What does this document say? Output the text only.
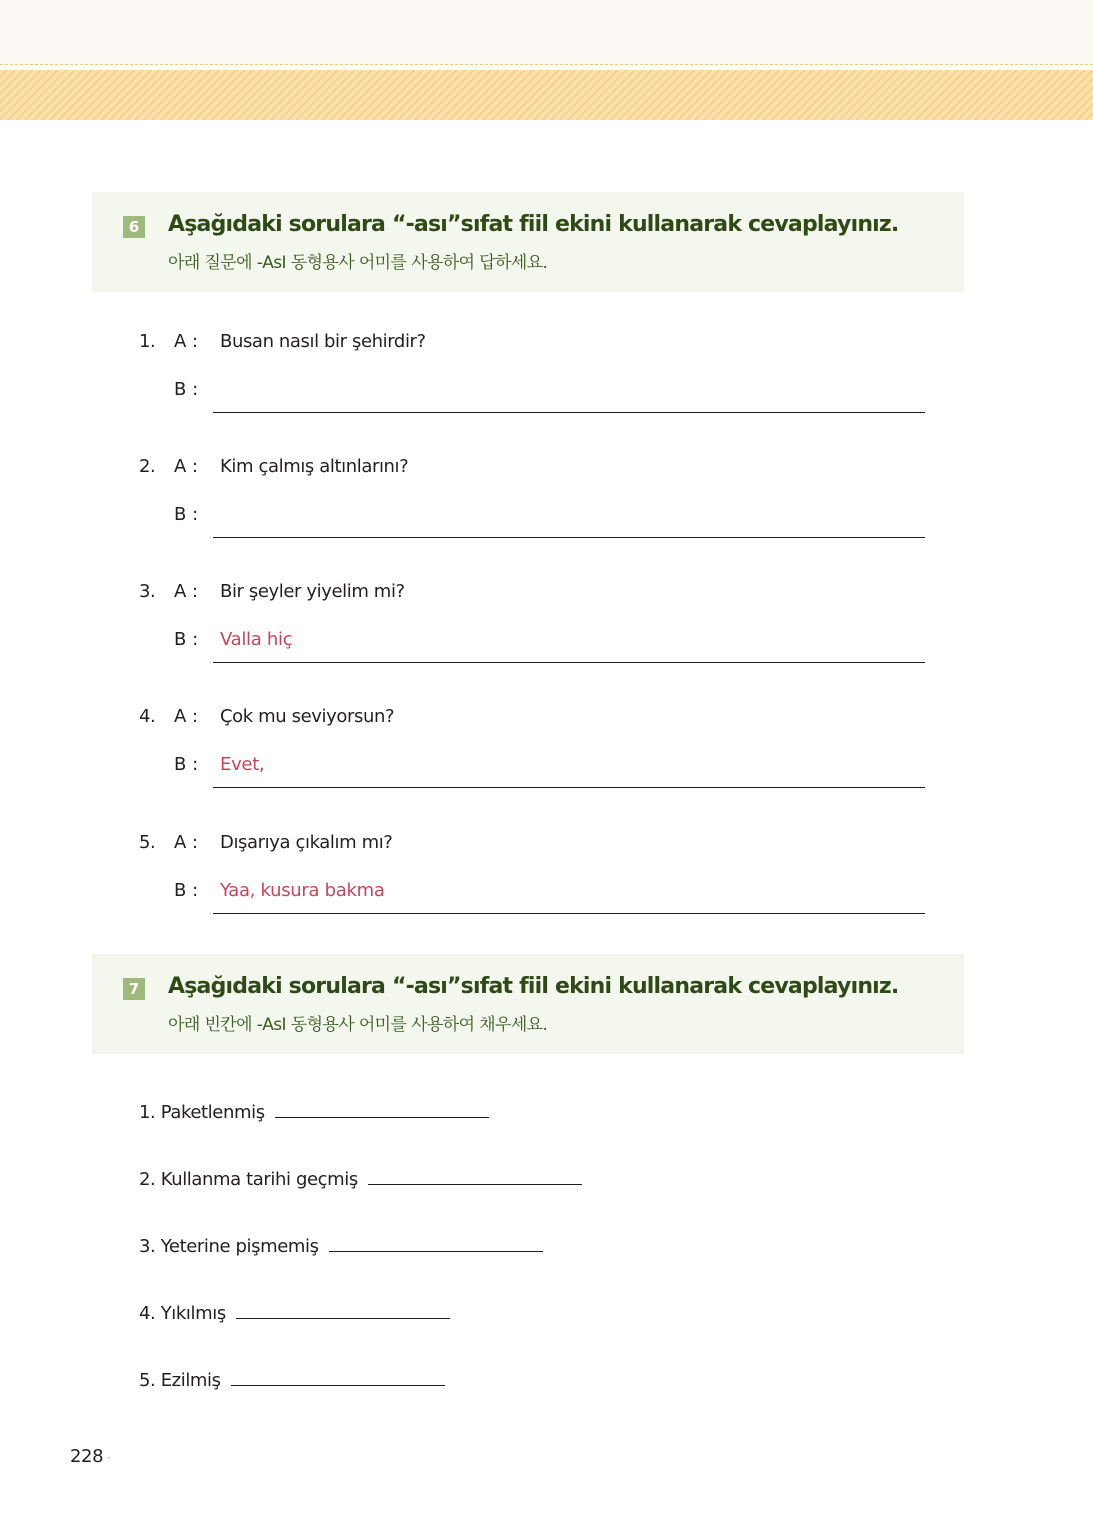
6 Aşağıdaki sorulara “-ası”sıfat fiil ekini kullanarak cevaplayınız.
아래 질문에 -AsI 동형용사 어미를 사용하여 답하세요.
1. A : Busan nasıl bir şehirdir?
B :
2. A : Kim çalmış altınlarını?
B :
3. A : Bir şeyler yiyelim mi?
B : Valla hiç
4. A : Çok mu seviyorsun?
B : Evet,
5. A : Dışarıya çıkalım mı?
B : Yaa, kusura bakma
7 Aşağıdaki sorulara “-ası”sıfat fiil ekini kullanarak cevaplayınız.
아래 빈칸에 -AsI 동형용사 어미를 사용하여 채우세요.
1. Paketlenmiş
2. Kullanma tarihi geçmiş
3. Yeterine pişmemiş
4. Yıkılmış
5. Ezilmiş
228 ·
